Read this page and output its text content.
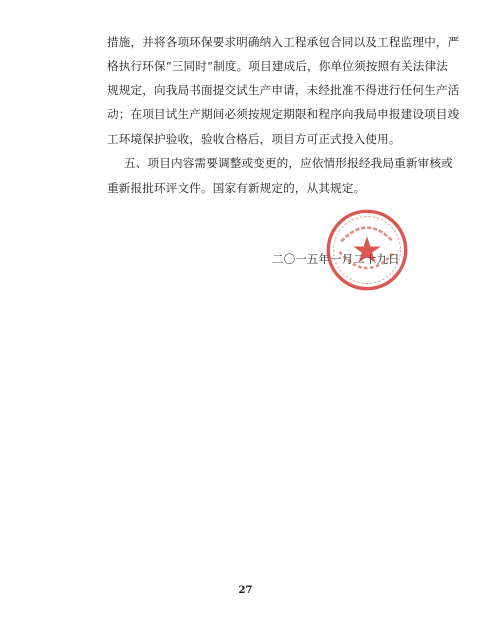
措施，并将各项环保要求明确纳入工程承包合同以及工程监理中，严
格执行环保“三同时”制度。项目建成后，你单位须按照有关法律法
规规定，向我局书面提交试生产申请，未经批准不得进行任何生产活
动；在项目试生产期间必须按规定期限和程序向我局申报建设项目竣
工环境保护验收，验收合格后，项目方可正式投入使用。
五、项目内容需要调整或变更的，应依情形报经我局重新审核或
重新报批环评文件。国家有新规定的，从其规定。
二〇一五年一月二十九日
27
